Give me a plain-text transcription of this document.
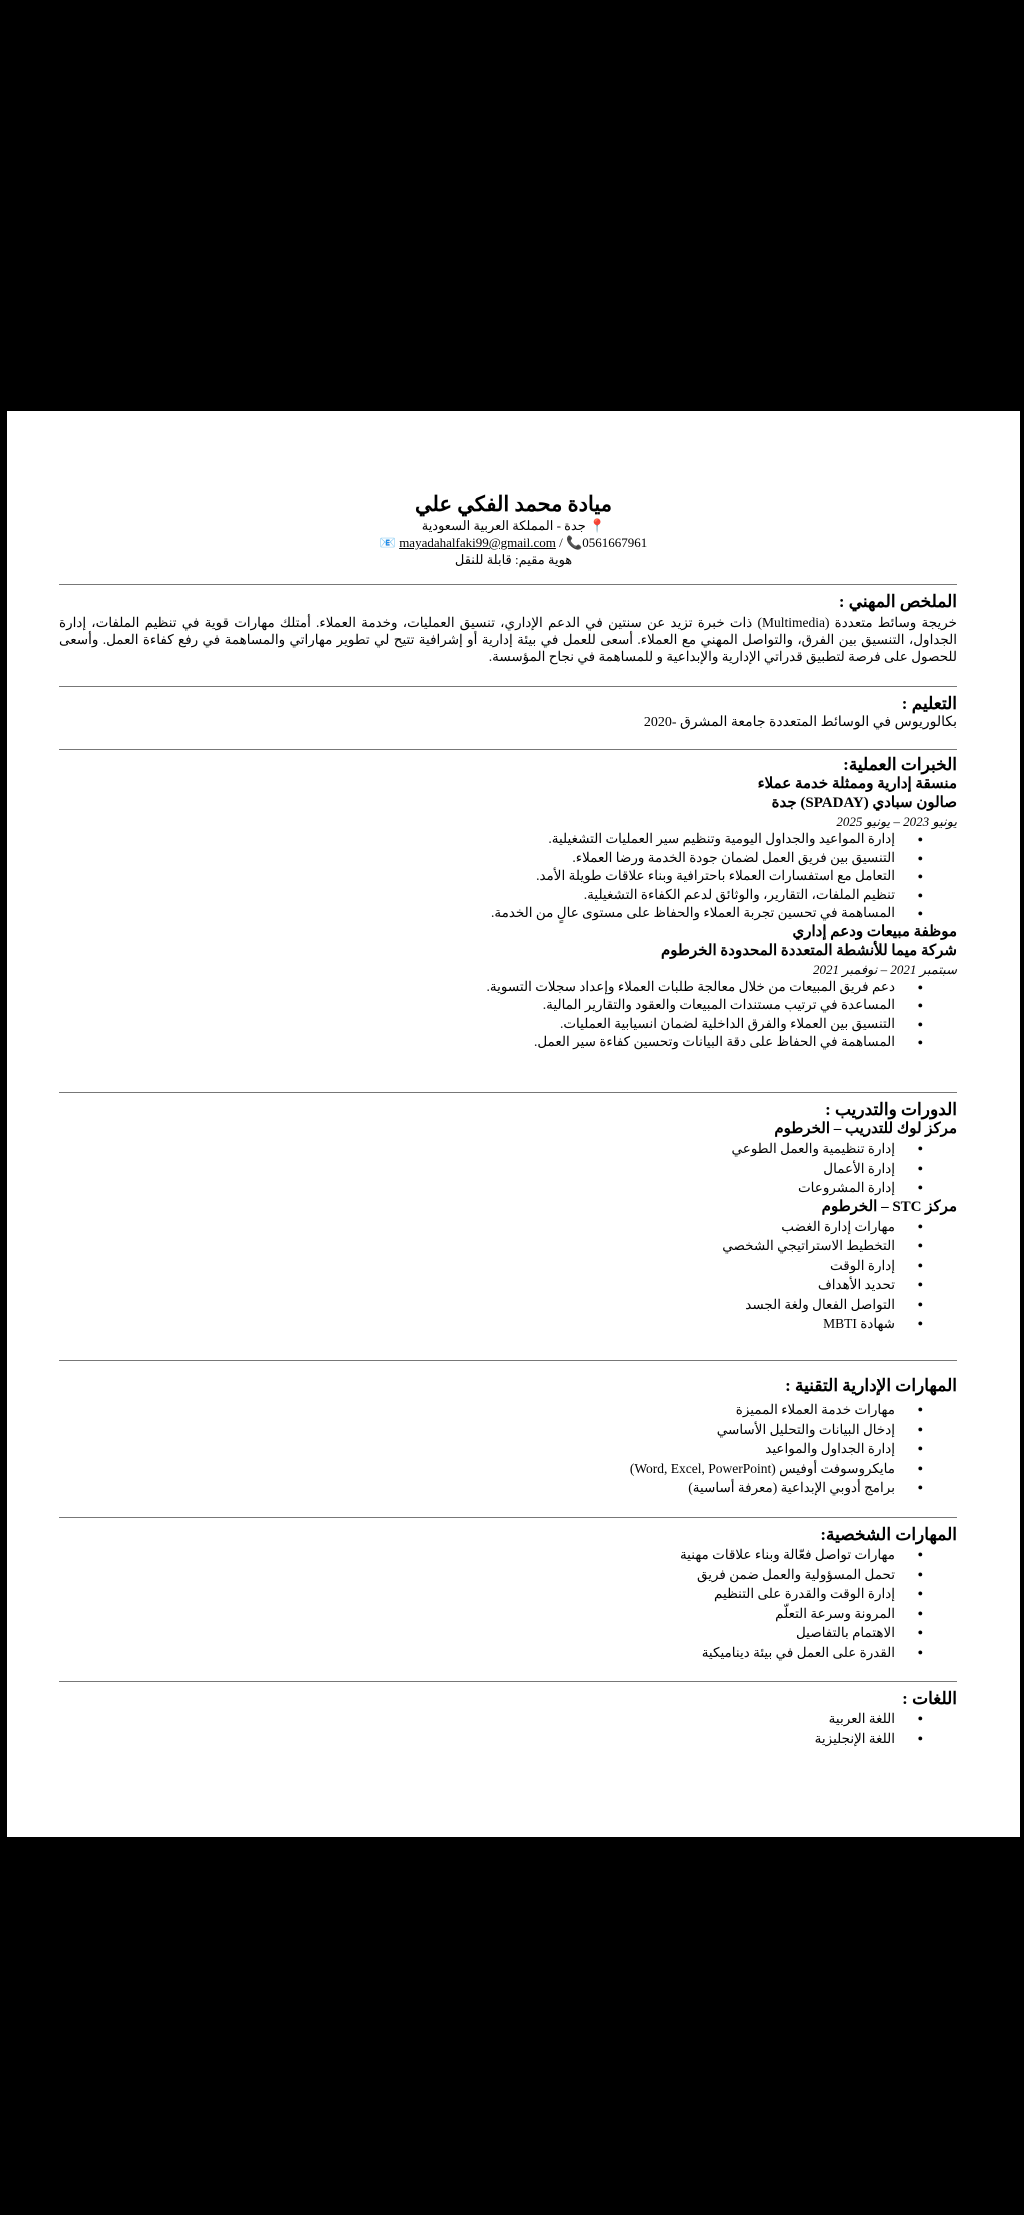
ميادة محمد الفكي علي
📍 جدة - المملكة العربية السعودية
📧 mayadahalfaki99@gmail.com / 📞0561667961
هوية مقيم: قابلة للنقل
الملخص المهني :

خريجة وسائط متعددة (Multimedia) ذات خبرة تزيد عن سنتين في الدعم الإداري، تنسيق العمليات، وخدمة العملاء. أمتلك مهارات قوية في تنظيم الملفات، إدارة الجداول، التنسيق بين الفرق، والتواصل المهني مع العملاء. أسعى للعمل في بيئة إدارية أو إشرافية تتيح لي تطوير مهاراتي والمساهمة في رفع كفاءة العمل. وأسعى للحصول على فرصة لتطبيق قدراتي الإدارية والإبداعية و للمساهمة في نجاح المؤسسة.

التعليم :
بكالوريوس في الوسائط المتعددة جامعة المشرق -2020
الخبرات العملية:
منسقة إدارية وممثلة خدمة عملاء
صالون سبادي (SPADAY) جدة
يونيو 2023 – يونيو 2025
● إدارة المواعيد والجداول اليومية وتنظيم سير العمليات التشغيلية.
● التنسيق بين فريق العمل لضمان جودة الخدمة ورضا العملاء.
● التعامل مع استفسارات العملاء باحترافية وبناء علاقات طويلة الأمد.
● تنظيم الملفات، التقارير، والوثائق لدعم الكفاءة التشغيلية.
● المساهمة في تحسين تجربة العملاء والحفاظ على مستوى عالٍ من الخدمة.
موظفة مبيعات ودعم إداري
شركة ميما للأنشطة المتعددة المحدودة الخرطوم
سبتمبر 2021 – نوفمبر 2021
● دعم فريق المبيعات من خلال معالجة طلبات العملاء وإعداد سجلات التسوية.
● المساعدة في ترتيب مستندات المبيعات والعقود والتقارير المالية.
● التنسيق بين العملاء والفرق الداخلية لضمان انسيابية العمليات.
● المساهمة في الحفاظ على دقة البيانات وتحسين كفاءة سير العمل.
الدورات والتدريب :
مركز لوك للتدريب – الخرطوم
● إدارة تنظيمية والعمل الطوعي
● إدارة الأعمال
● إدارة المشروعات
مركز STC – الخرطوم
● مهارات إدارة الغضب
● التخطيط الاستراتيجي الشخصي
● إدارة الوقت
● تحديد الأهداف
● التواصل الفعال ولغة الجسد
● شهادة MBTI
المهارات الإدارية التقنية :
● مهارات خدمة العملاء المميزة
● إدخال البيانات والتحليل الأساسي
● إدارة الجداول والمواعيد
● مايكروسوفت أوفيس (Word, Excel, PowerPoint)
● برامج أدوبي الإبداعية (معرفة أساسية)
المهارات الشخصية:
● مهارات تواصل فعّالة وبناء علاقات مهنية
● تحمل المسؤولية والعمل ضمن فريق
● إدارة الوقت والقدرة على التنظيم
● المرونة وسرعة التعلّم
● الاهتمام بالتفاصيل
● القدرة على العمل في بيئة ديناميكية
اللغات :
● اللغة العربية
● اللغة الإنجليزية
